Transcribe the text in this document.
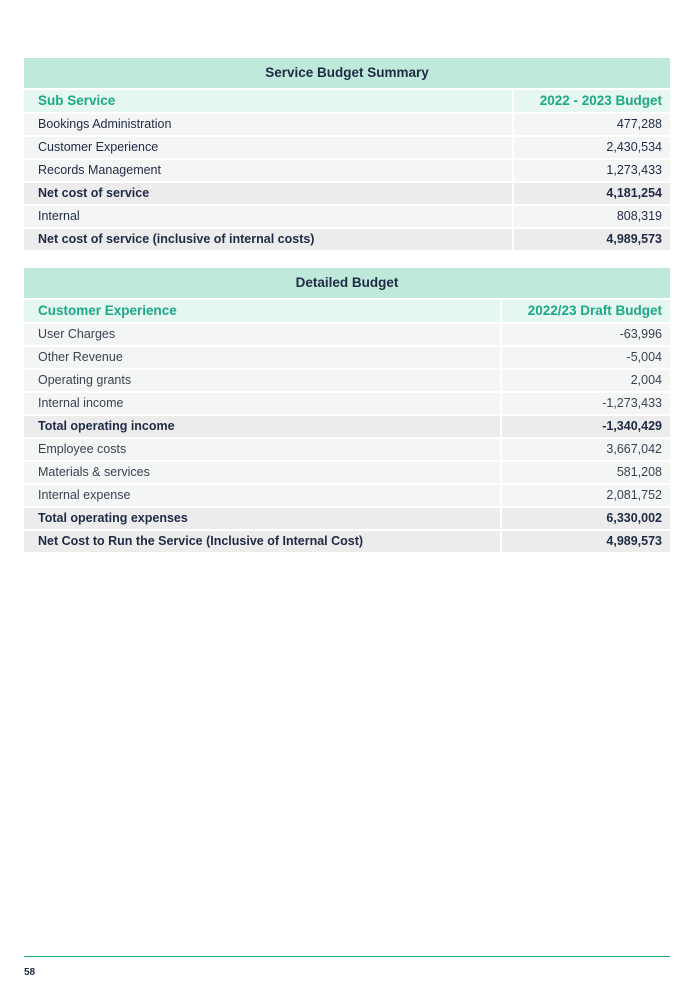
Service Budget Summary
Sub Service	2022 - 2023 Budget
Bookings Administration	477,288
Customer Experience	2,430,534
Records Management	1,273,433
Net cost of service	4,181,254
Internal	808,319
Net cost of service (inclusive of internal costs)	4,989,573
Detailed Budget
Customer Experience	2022/23 Draft Budget
User Charges	-63,996
Other Revenue	-5,004
Operating grants	2,004
Internal income	-1,273,433
Total operating income	-1,340,429
Employee costs	3,667,042
Materials & services	581,208
Internal expense	2,081,752
Total operating expenses	6,330,002
Net Cost to Run the Service (Inclusive of Internal Cost)	4,989,573
58
